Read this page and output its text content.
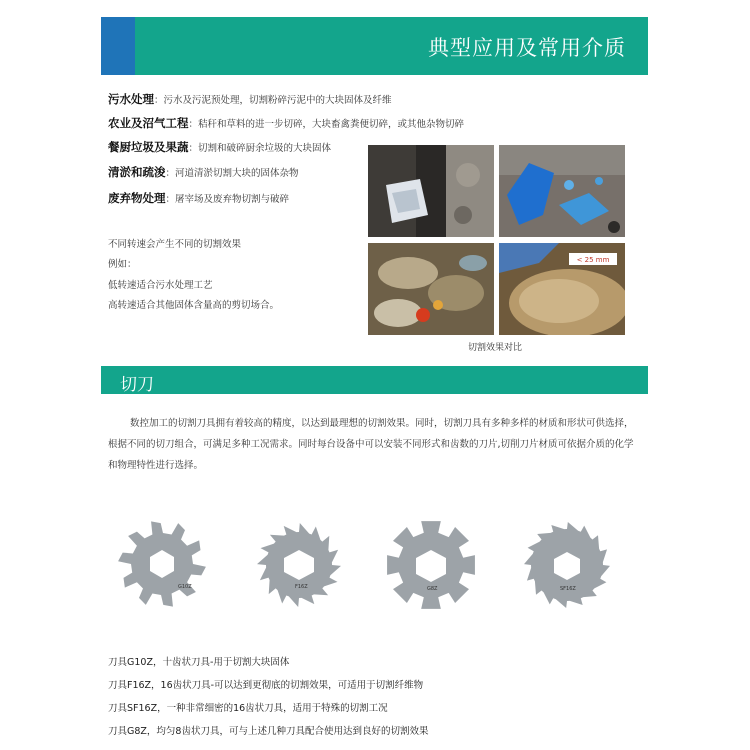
典型应用及常用介质
污水处理：污水及污泥预处理，切割粉碎污泥中的大块固体及纤维
农业及沼气工程：秸秆和草料的进一步切碎，大块畜禽粪便切碎，或其他杂物切碎
餐厨垃圾及果蔬：切割和破碎厨余垃圾的大块固体
清淤和疏浚：河道清淤切割大块的固体杂物
废弃物处理：屠宰场及废弃物切割与破碎
不同转速会产生不同的切割效果
例如：
低转速适合污水处理工艺
高转速适合其他固体含量高的剪切场合。
< 25 mm
切割效果对比
切刀
数控加工的切割刀具拥有着较高的精度，以达到最理想的切割效果。同时，切割刀具有多种多样的材质和形状可供选择，根据不同的切刀组合，可满足多种工况需求。同时每台设备中可以安装不同形式和齿数的刀片,切削刀片材质可依据介质的化学和物理特性进行选择。
G10Z	F16Z	G8Z	SF16Z
刀具G10Z，十齿状刀具-用于切割大块固体
刀具F16Z，16齿状刀具-可以达到更彻底的切割效果，可适用于切割纤维物
刀具SF16Z，一种非常细密的16齿状刀具，适用于特殊的切割工况
刀具G8Z，均匀8齿状刀具，可与上述几种刀具配合使用达到良好的切割效果
